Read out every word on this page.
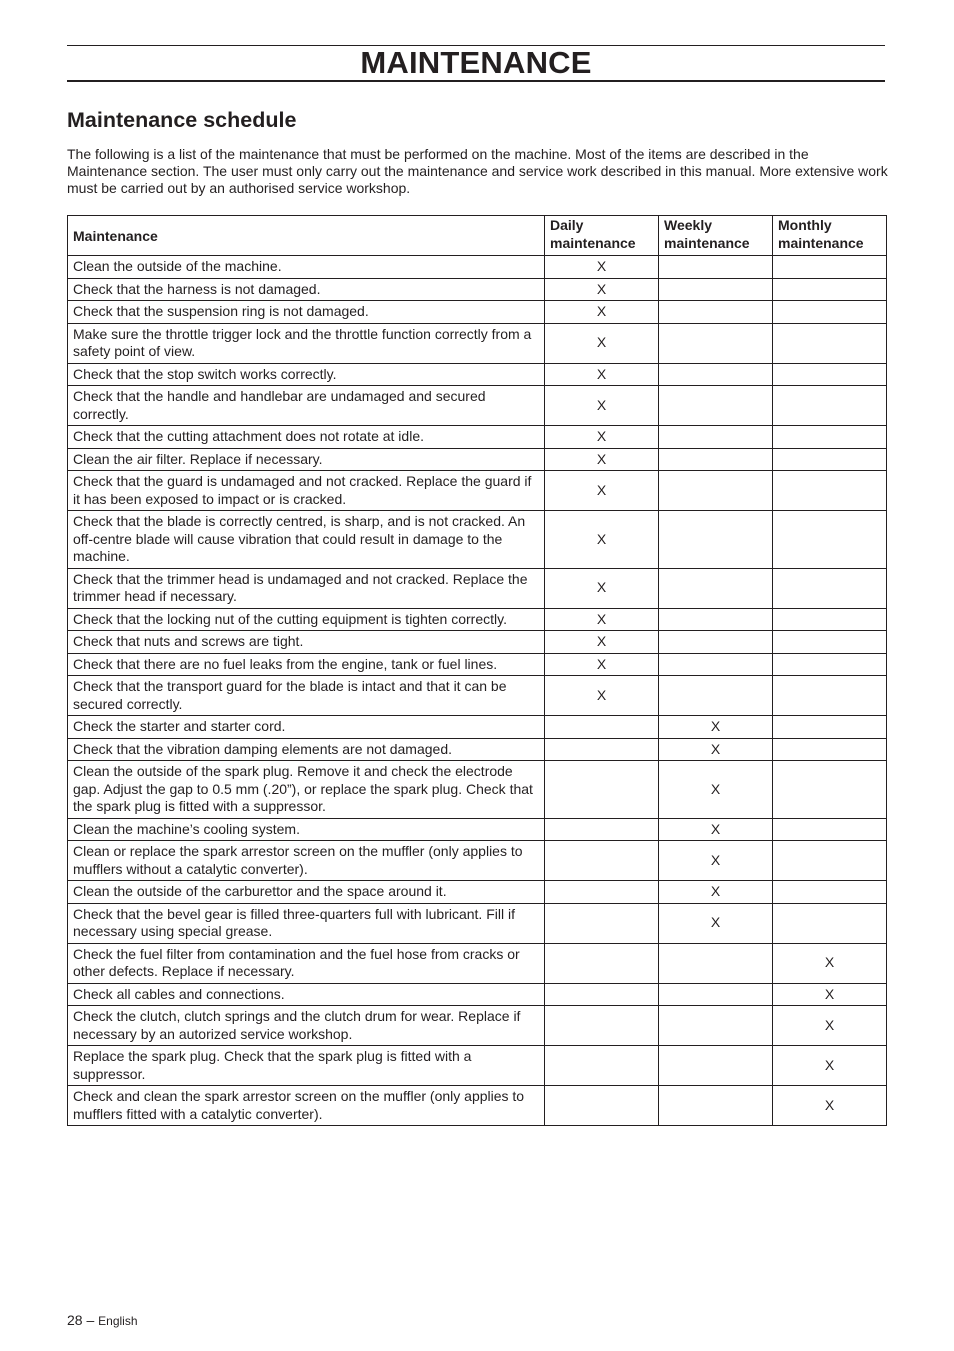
MAINTENANCE
Maintenance schedule
The following is a list of the maintenance that must be performed on the machine. Most of the items are described in the Maintenance section. The user must only carry out the maintenance and service work described in this manual. More extensive work must be carried out by an authorised service workshop.
Maintenance	Daily maintenance	Weekly maintenance	Monthly maintenance
Clean the outside of the machine.	X		
Check that the harness is not damaged.	X		
Check that the suspension ring is not damaged.	X		
Make sure the throttle trigger lock and the throttle function correctly from a safety point of view.	X		
Check that the stop switch works correctly.	X		
Check that the handle and handlebar are undamaged and secured correctly.	X		
Check that the cutting attachment does not rotate at idle.	X		
Clean the air filter. Replace if necessary.	X		
Check that the guard is undamaged and not cracked. Replace the guard if it has been exposed to impact or is cracked.	X		
Check that the blade is correctly centred, is sharp, and is not cracked. An off-centre blade will cause vibration that could result in damage to the machine.	X		
Check that the trimmer head is undamaged and not cracked. Replace the trimmer head if necessary.	X		
Check that the locking nut of the cutting equipment is tighten correctly.	X		
Check that nuts and screws are tight.	X		
Check that there are no fuel leaks from the engine, tank or fuel lines.	X		
Check that the transport guard for the blade is intact and that it can be secured correctly.	X		
Check the starter and starter cord.		X	
Check that the vibration damping elements are not damaged.		X	
Clean the outside of the spark plug. Remove it and check the electrode gap. Adjust the gap to 0.5 mm (.20”), or replace the spark plug. Check that the spark plug is fitted with a suppressor.		X	
Clean the machine’s cooling system.		X	
Clean or replace the spark arrestor screen on the muffler (only applies to mufflers without a catalytic converter).		X	
Clean the outside of the carburettor and the space around it.		X	
Check that the bevel gear is filled three-quarters full with lubricant. Fill if necessary using special grease.		X	
Check the fuel filter from contamination and the fuel hose from cracks or other defects. Replace if necessary.			X
Check all cables and connections.			X
Check the clutch, clutch springs and the clutch drum for wear. Replace if necessary by an autorized service workshop.			X
Replace the spark plug. Check that the spark plug is fitted with a suppressor.			X
Check and clean the spark arrestor screen on the muffler (only applies to mufflers fitted with a catalytic converter).			X
28 – English
